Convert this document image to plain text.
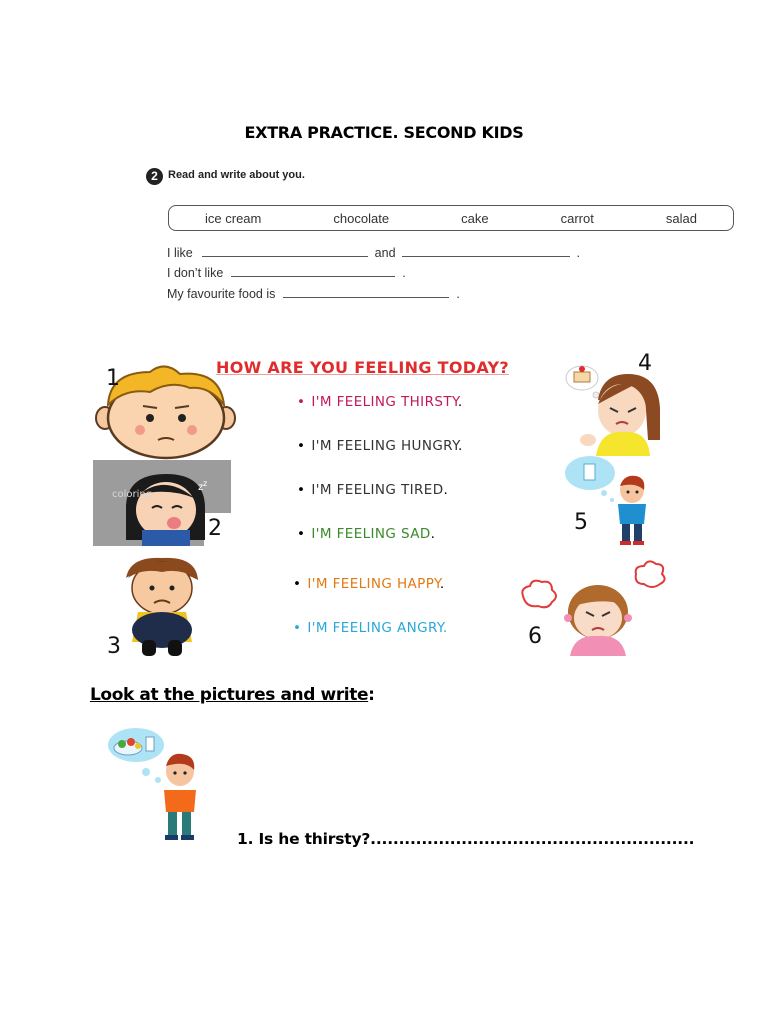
EXTRA PRACTICE. SECOND KIDS
2 Read and write about you.
ice cream	chocolate	cake	carrot	salad
I like	and	.
I don’t like	.
My favourite food is	.
z z
coloring
HOW ARE YOU FEELING TODAY?
• I'M FEELING THIRSTY.
• I'M FEELING HUNGRY.
• I'M FEELING TIRED.
• I'M FEELING SAD.
• I'M FEELING HAPPY.
• I'M FEELING ANGRY.
1
2
3
4
5
6
Look at the pictures and write:
1. Is he thirsty?.........................................................
